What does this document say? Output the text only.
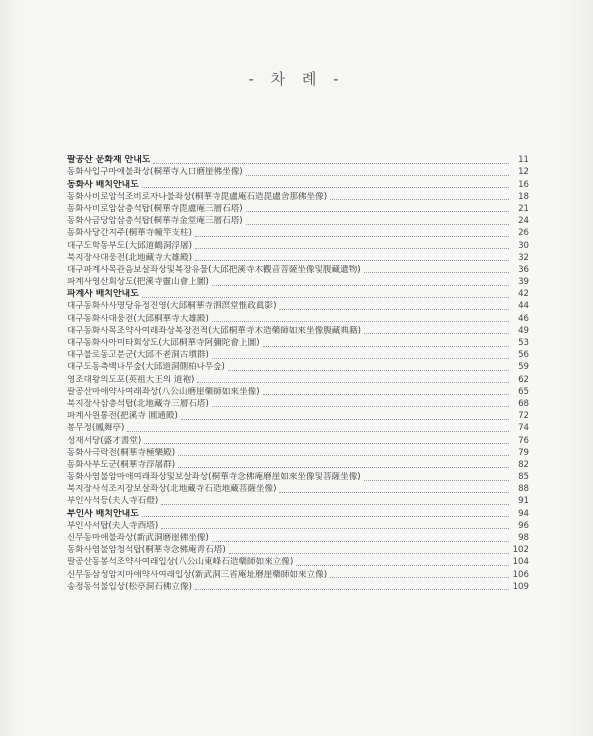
- 차 례 -
팔공산 문화재 안내도	11
동화사입구마애불좌상(桐華寺入口磨崖佛坐像)	12
동화사 배치안내도	16
동화사비로암석조비로자나불좌상(桐華寺毘盧庵石造毘盧舍那佛坐像)	18
동화사비로암삼층석탑(桐華寺毘盧庵三層石塔)	21
동화사금당암삼층석탑(桐華寺金堂庵三層石塔)	24
동화사당간지주(桐華寺幢竿支柱)	26
대구도학동부도(大邱道鶴洞浮屠)	30
북지장사대웅전(北地藏寺大雄殿)	32
대구파계사목관음보살좌상및복장유물(大邱把溪寺木觀音菩薩坐像및腹藏遺物)	36
파계사영산회상도(把溪寺靈山會上圖)	39
파계사 배치안내도	42
대구동화사사명당유정진영(大邱桐華寺泗溟堂惟政眞影)	44
대구동화사대웅전(大邱桐華寺大雄殿)	46
대구동화사목조약사여래좌상복장전적(大邱桐華寺木造藥師如來坐像腹藏典籍)	49
대구동화사아미타회상도(大邱桐華寺阿彌陀會上圖)	53
대구불로동고분군(大邱不老洞古墳群)	56
대구도동측백나무숲(大邱道洞側柏나무숲)	59
영조대왕의도포(英祖大王의 道袍)	62
팔공산마애약사여래좌상(八公山磨崖藥師如來坐像)	65
북지장사삼층석탑(北地藏寺三層石塔)	68
파계사원통전(把溪寺 圓通殿)	72
봉무정(鳳舞亭)	74
성재서당(盛才書堂)	76
동화사극락전(桐華寺極樂殿)	79
동화사부도군(桐華寺浮屠群)	82
동화사염불암마애여래좌상및보살좌상(桐華寺念佛庵磨崖如來坐像및菩薩坐像)	85
북지장사석조지장보살좌상(北地藏寺石造地藏菩薩坐像)	88
부인사석등(夫人寺石燈)	91
부인사 배치안내도	94
부인사서탑(夫人寺西塔)	96
신무동마애불좌상(新武洞磨崖佛坐像)	98
동화사염불암청석탑(桐華寺念佛庵靑石塔)	102
팔공산동봉석조약사여래입상(八公山東峰石造藥師如來立像)	104
신무동삼성암지마애약사여래입상(新武洞三省庵址磨崖藥師如來立像)	106
송정동석불입상(松亭洞石佛立像)	109
